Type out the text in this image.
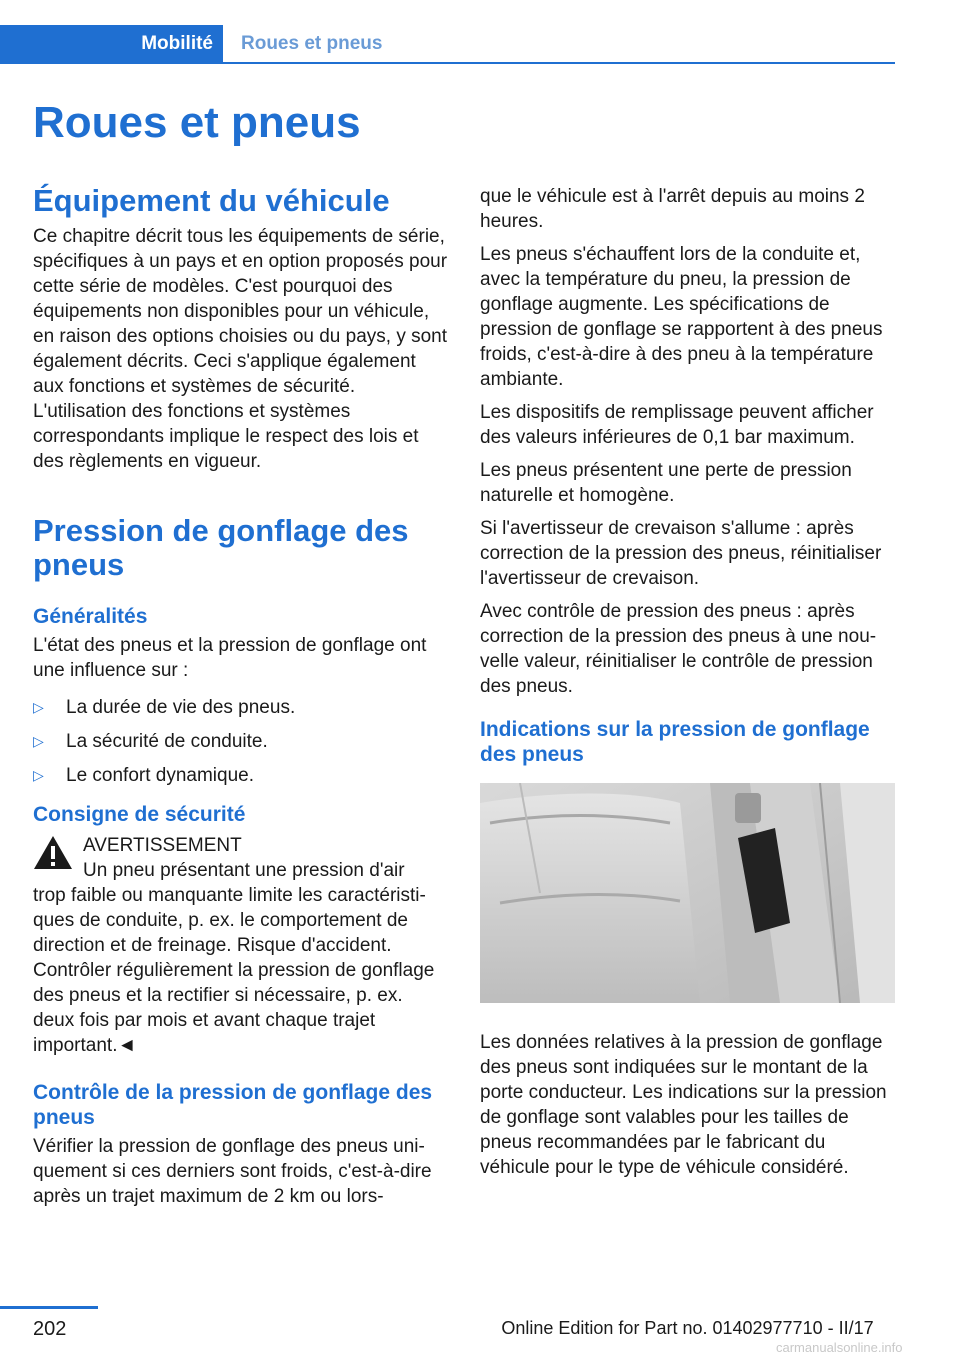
Mobilité	Roues et pneus
Roues et pneus
Équipement du véhicule

Ce chapitre décrit tous les équipements de série, spécifiques à un pays et en option proposés pour cette série de modèles. C'est pourquoi des équipements non disponibles pour un véhicule, en raison des options choisies ou du pays, y sont également décrits. Ceci s'applique également aux fonctions et systèmes de sécurité. L'utilisation des fonctions et systèmes correspondants implique le respect des lois et des règlements en vigueur.

Pression de gonflage des pneus
Généralités

L'état des pneus et la pression de gonflage ont une influence sur :

▷ La durée de vie des pneus.
▷ La sécurité de conduite.
▷ Le confort dynamique.
Consigne de sécurité
AVERTISSEMENT
Un pneu présentant une pression d'air
trop faible ou manquante limite les caractéristiques de conduite, p. ex. le comportement de direction et de freinage. Risque d'accident. Contrôler régulièrement la pression de gonflage des pneus et la rectifier si nécessaire, p. ex. deux fois par mois et avant chaque trajet important.◄
Contrôle de la pression de gonflage des pneus

Vérifier la pression de gonflage des pneus uniquement si ces derniers sont froids, c'est-à-dire après un trajet maximum de 2 km ou lors-

que le véhicule est à l'arrêt depuis au moins 2 heures.

Les pneus s'échauffent lors de la conduite et, avec la température du pneu, la pression de gonflage augmente. Les spécifications de pression de gonflage se rapportent à des pneus froids, c'est-à-dire à des pneu à la température ambiante.

Les dispositifs de remplissage peuvent afficher des valeurs inférieures de 0,1 bar maximum.

Les pneus présentent une perte de pression naturelle et homogène.

Si l'avertisseur de crevaison s'allume : après correction de la pression des pneus, réinitialiser l'avertisseur de crevaison.

Avec contrôle de pression des pneus : après correction de la pression des pneus à une nouvelle valeur, réinitialiser le contrôle de pression des pneus.

Indications sur la pression de gonflage des pneus

Les données relatives à la pression de gonflage des pneus sont indiquées sur le montant de la porte conducteur. Les indications sur la pression de gonflage sont valables pour les tailles de pneus recommandées par le fabricant du véhicule pour le type de véhicule considéré.

202	Online Edition for Part no. 01402977710 - II/17
carmanualsonline.info
